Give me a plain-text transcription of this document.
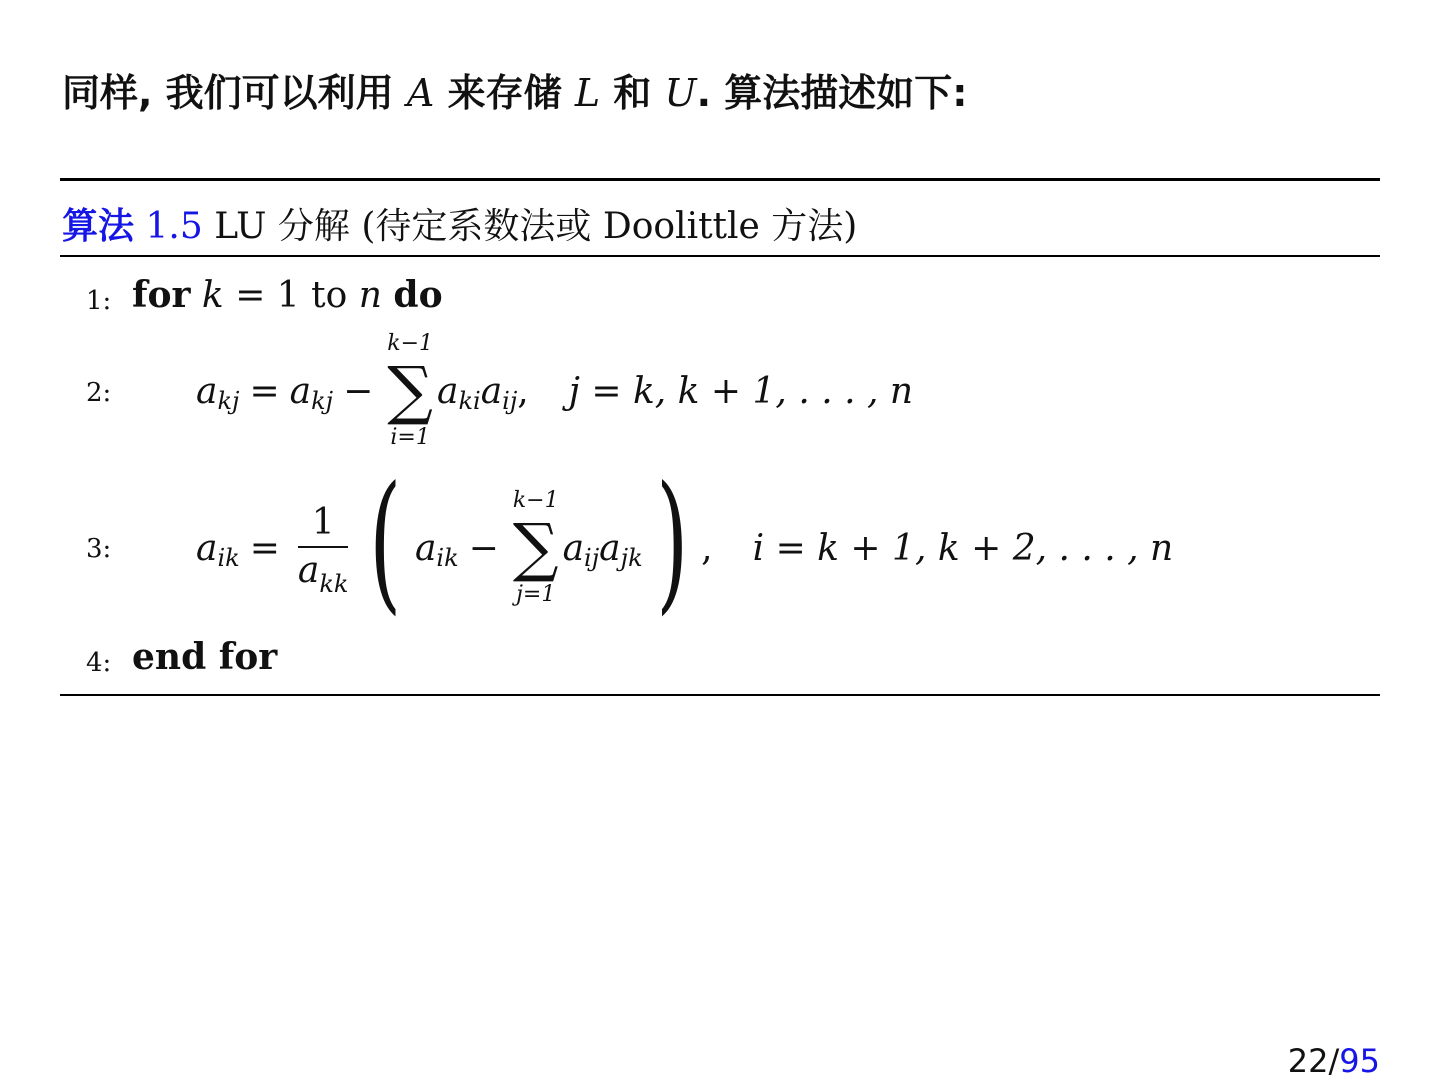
同样, 我们可以利用 A 来存储 L 和 U. 算法描述如下:
算法 1.5 LU 分解 (待定系数法或 Doolittle 方法)
1: for k = 1 to n do
2: a kj = a kj −
k−1
∑
i=1
a ki a ij , j = k, k + 1, . . . , n
3: a ik = $\frac{1}{a_{kk}}$ ( a ik −
k−1
∑
j=1
a ij a jk ) , i = k + 1, k + 2, . . . , n
4: end for
22/95
